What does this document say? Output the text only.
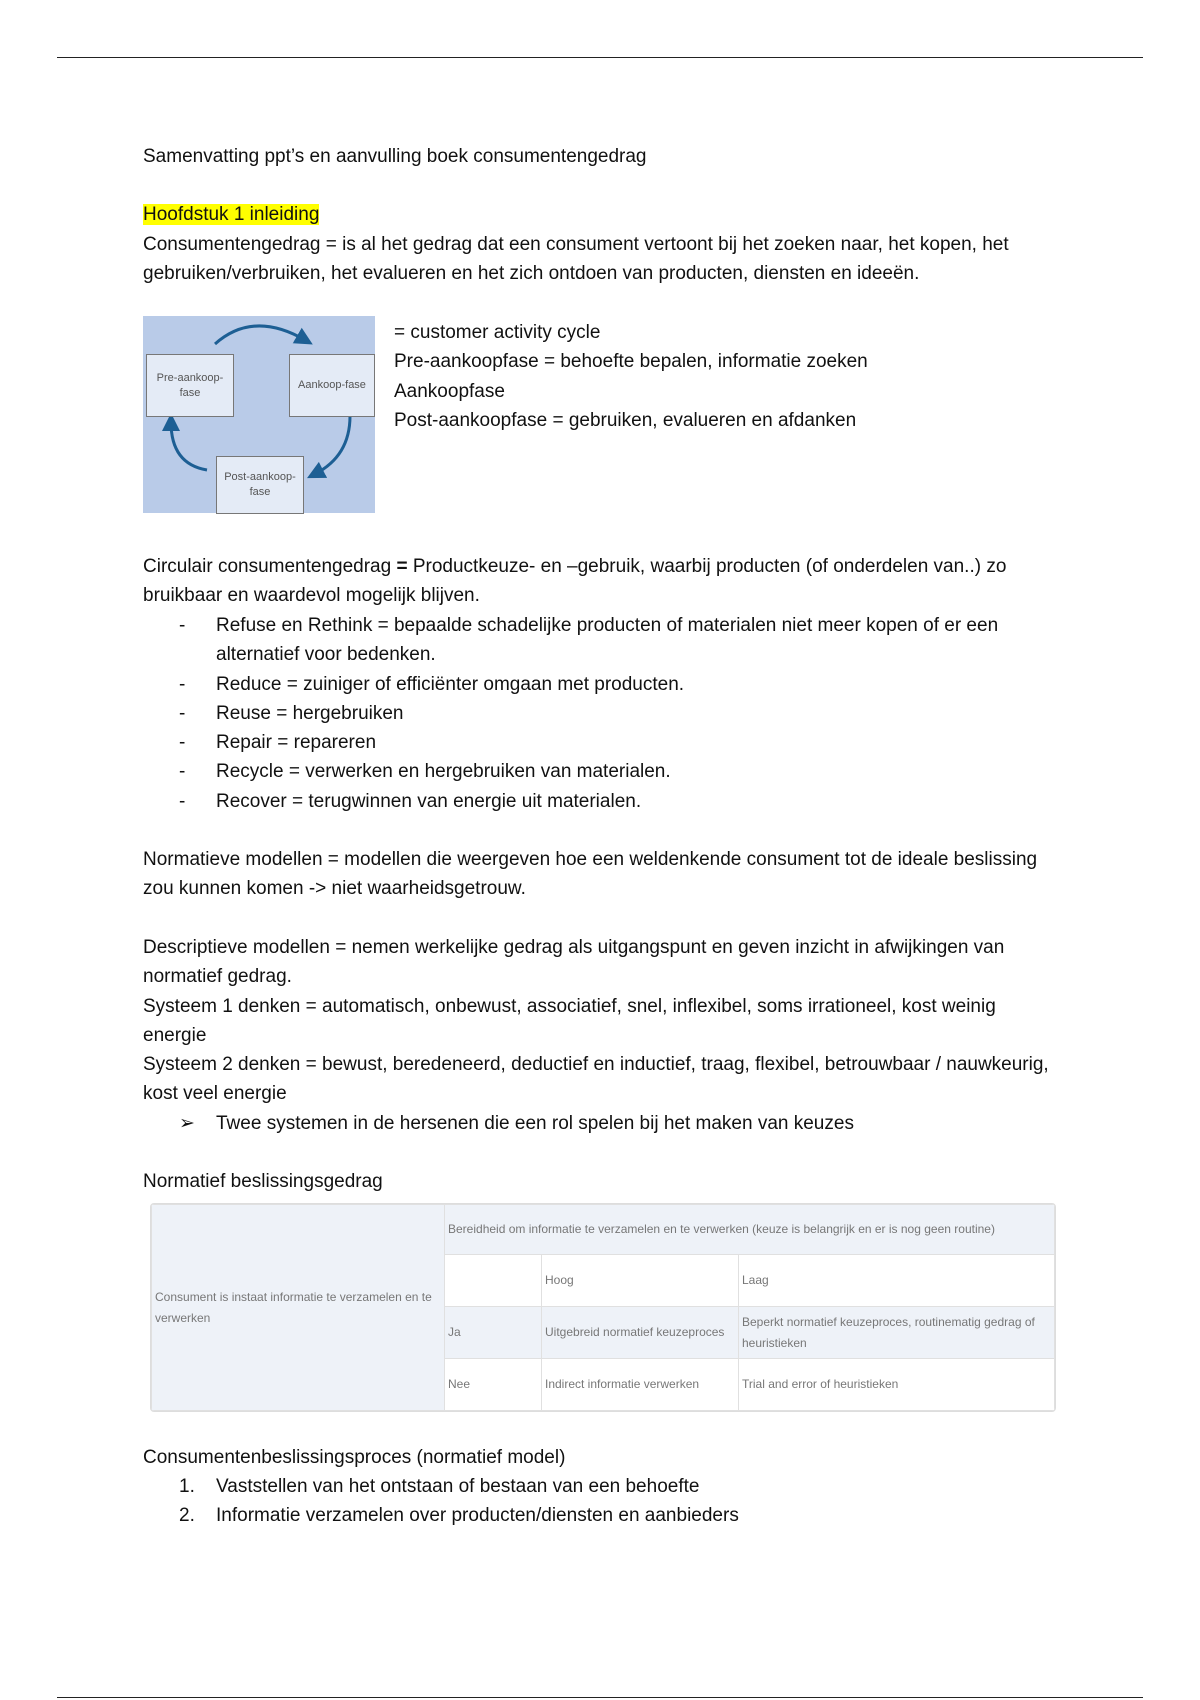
Samenvatting ppt’s en aanvulling boek consumentengedrag
Hoofdstuk 1 inleiding
Consumentengedrag = is al het gedrag dat een consument vertoont bij het zoeken naar, het kopen, het gebruiken/verbruiken, het evalueren en het zich ontdoen van producten, diensten en ideeën.
Pre-aankoop-fase
Aankoop-fase
Post-aankoop-fase
= customer activity cycle
Pre-aankoopfase = behoefte bepalen, informatie zoeken
Aankoopfase
Post-aankoopfase = gebruiken, evalueren en afdanken
Circulair consumentengedrag = Productkeuze- en –gebruik, waarbij producten (of onderdelen van..) zo bruikbaar en waardevol mogelijk blijven.
- Refuse en Rethink = bepaalde schadelijke producten of materialen niet meer kopen of er een alternatief voor bedenken.
- Reduce = zuiniger of efficiënter omgaan met producten.
- Reuse = hergebruiken
- Repair = repareren
- Recycle = verwerken en hergebruiken van materialen.
- Recover = terugwinnen van energie uit materialen.
Normatieve modellen = modellen die weergeven hoe een weldenkende consument tot de ideale beslissing zou kunnen komen -> niet waarheidsgetrouw.
Descriptieve modellen = nemen werkelijke gedrag als uitgangspunt en geven inzicht in afwijkingen van normatief gedrag.
Systeem 1 denken = automatisch, onbewust, associatief, snel, inflexibel, soms irrationeel, kost weinig energie
Systeem 2 denken = bewust, beredeneerd, deductief en inductief, traag, flexibel, betrouwbaar / nauwkeurig, kost veel energie
➢ Twee systemen in de hersenen die een rol spelen bij het maken van keuzes
Normatief beslissingsgedrag
Consument is instaat informatie te verzamelen en te verwerken	Bereidheid om informatie te verzamelen en te verwerken (keuze is belangrijk en er is nog geen routine)		
		Hoog	Laag
	Ja	Uitgebreid normatief keuzeproces	Beperkt normatief keuzeproces, routinematig gedrag of heuristieken
	Nee	Indirect informatie verwerken	Trial and error of heuristieken
Consumentenbeslissingsproces (normatief model)
1. Vaststellen van het ontstaan of bestaan van een behoefte
2. Informatie verzamelen over producten/diensten en aanbieders
